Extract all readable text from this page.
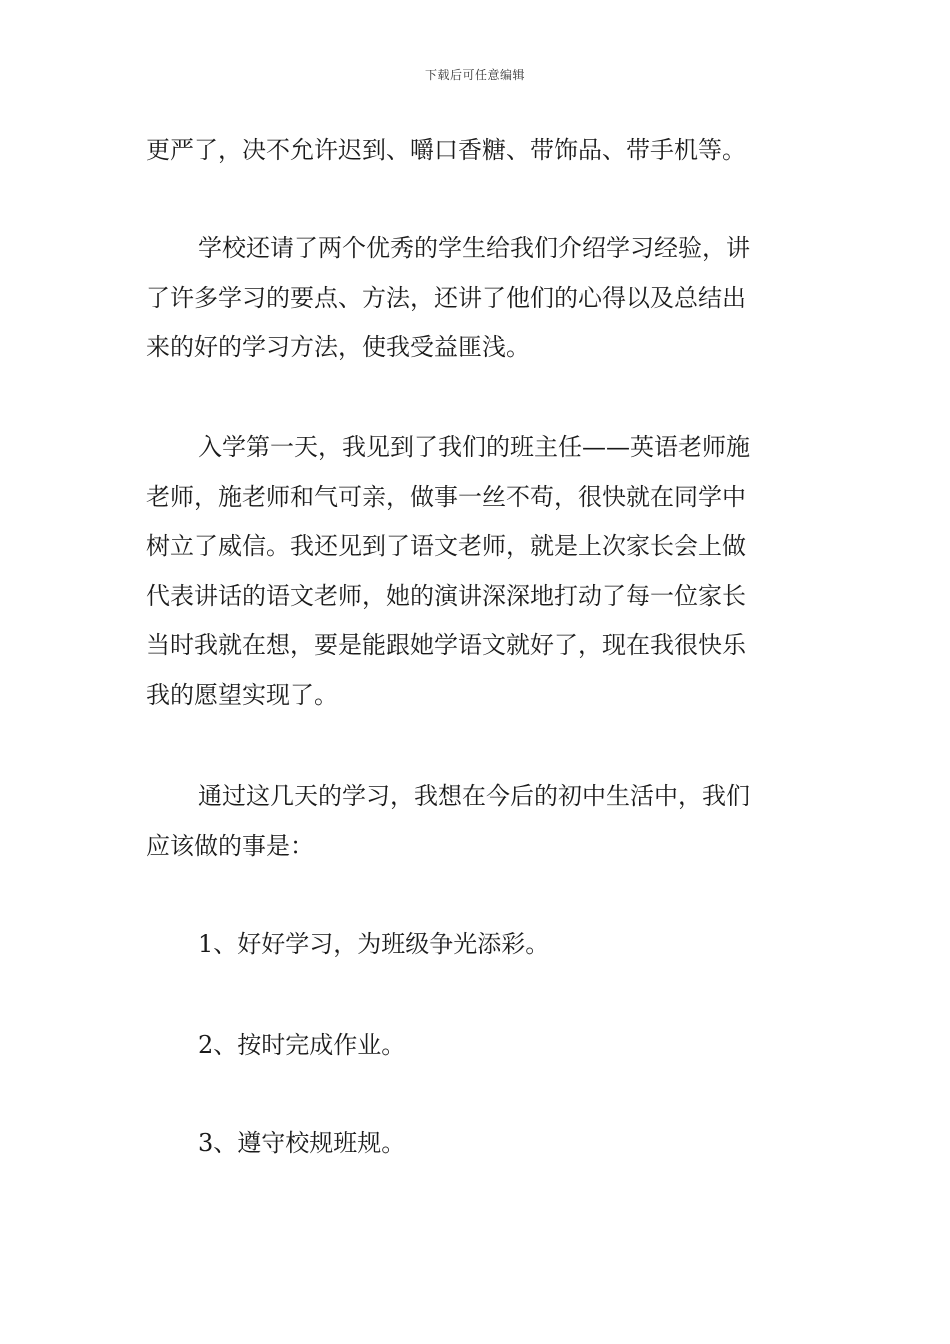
下载后可任意编辑
更严了，决不允许迟到、嚼口香糖、带饰品、带手机等。
学校还请了两个优秀的学生给我们介绍学习经验，讲
了许多学习的要点、方法，还讲了他们的心得以及总结出
来的好的学习方法，使我受益匪浅。
入学第一天，我见到了我们的班主任——英语老师施
老师，施老师和气可亲，做事一丝不苟，很快就在同学中
树立了威信。我还见到了语文老师，就是上次家长会上做
代表讲话的语文老师，她的演讲深深地打动了每一位家长
当时我就在想，要是能跟她学语文就好了，现在我很快乐
我的愿望实现了。
通过这几天的学习，我想在今后的初中生活中，我们
应该做的事是：
1、好好学习，为班级争光添彩。
2、按时完成作业。
3、遵守校规班规。
